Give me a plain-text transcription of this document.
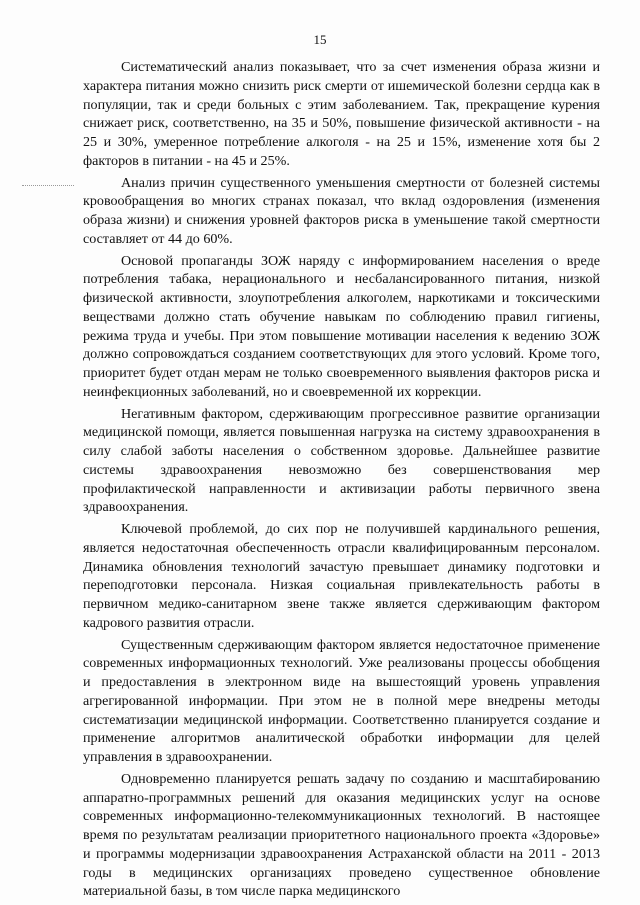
15

Систематический анализ показывает, что за счет изменения образа жизни и характера питания можно снизить риск смерти от ишемической болезни сердца как в популяции, так и среди больных с этим заболеванием. Так, прекращение курения снижает риск, соответственно, на 35 и 50%, повышение физической активности - на 25 и 30%, умеренное потребление алкоголя - на 25 и 15%, изменение хотя бы 2 факторов в питании - на 45 и 25%.

Анализ причин существенного уменьшения смертности от болезней системы кровообращения во многих странах показал, что вклад оздоровления (изменения образа жизни) и снижения уровней факторов риска в уменьшение такой смертности составляет от 44 до 60%.

Основой пропаганды ЗОЖ наряду с информированием населения о вреде потребления табака, нерационального и несбалансированного питания, низкой физической активности, злоупотребления алкоголем, наркотиками и токсическими веществами должно стать обучение навыкам по соблюдению правил гигиены, режима труда и учебы. При этом повышение мотивации населения к ведению ЗОЖ должно сопровождаться созданием соответствующих для этого условий. Кроме того, приоритет будет отдан мерам не только своевременного выявления факторов риска и неинфекционных заболеваний, но и своевременной их коррекции.

Негативным фактором, сдерживающим прогрессивное развитие организации медицинской помощи, является повышенная нагрузка на систему здравоохранения в силу слабой заботы населения о собственном здоровье. Дальнейшее развитие системы здравоохранения невозможно без совершенствования мер профилактической направленности и активизации работы первичного звена здравоохранения.

Ключевой проблемой, до сих пор не получившей кардинального решения, является недостаточная обеспеченность отрасли квалифицированным персоналом. Динамика обновления технологий зачастую превышает динамику подготовки и переподготовки персонала. Низкая социальная привлекательность работы в первичном медико-санитарном звене также является сдерживающим фактором кадрового развития отрасли.

Существенным сдерживающим фактором является недостаточное применение современных информационных технологий. Уже реализованы процессы обобщения и предоставления в электронном виде на вышестоящий уровень управления агрегированной информации. При этом не в полной мере внедрены методы систематизации медицинской информации. Соответственно планируется создание и применение алгоритмов аналитической обработки информации для целей управления в здравоохранении.

Одновременно планируется решать задачу по созданию и масштабированию аппаратно-программных решений для оказания медицинских услуг на основе современных информационно-телекоммуникационных технологий. В настоящее время по результатам реализации приоритетного национального проекта «Здоровье» и программы модернизации здравоохранения Астраханской области на 2011 - 2013 годы в медицинских организациях проведено существенное обновление материальной базы, в том числе парка медицинского
